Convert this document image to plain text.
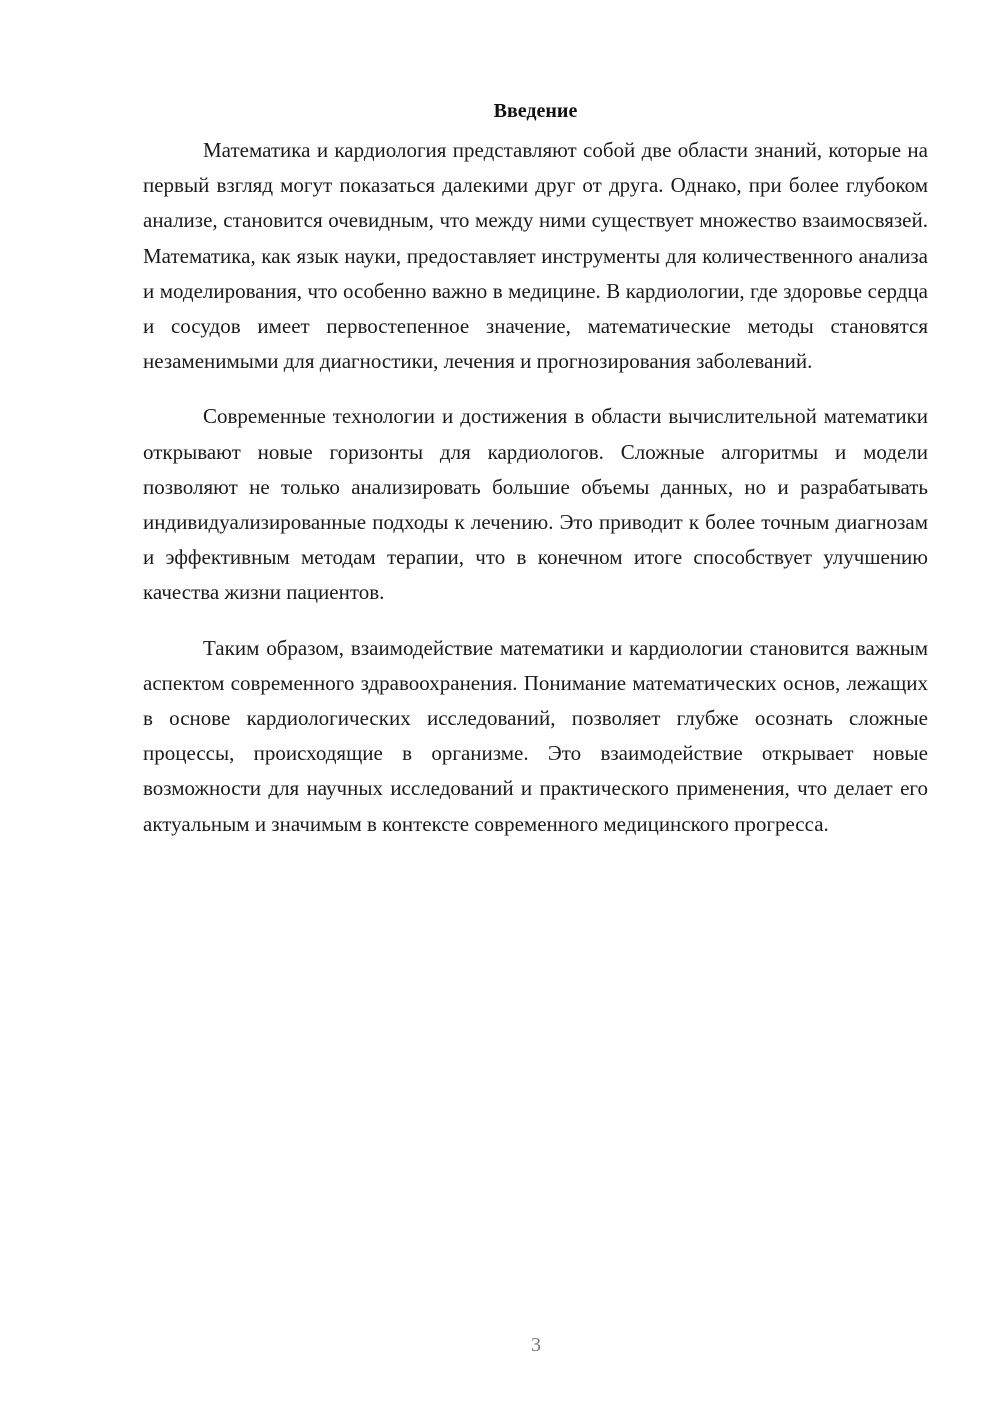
Введение

Математика и кардиология представляют собой две области знаний, которые на первый взгляд могут показаться далекими друг от друга. Однако, при более глубоком анализе, становится очевидным, что между ними существует множество взаимосвязей. Математика, как язык науки, предоставляет инструменты для количественного анализа и моделирования, что особенно важно в медицине. В кардиологии, где здоровье сердца и сосудов имеет первостепенное значение, математические методы становятся незаменимыми для диагностики, лечения и прогнозирования заболеваний.

Современные технологии и достижения в области вычислительной математики открывают новые горизонты для кардиологов. Сложные алгоритмы и модели позволяют не только анализировать большие объемы данных, но и разрабатывать индивидуализированные подходы к лечению. Это приводит к более точным диагнозам и эффективным методам терапии, что в конечном итоге способствует улучшению качества жизни пациентов.

Таким образом, взаимодействие математики и кардиологии становится важным аспектом современного здравоохранения. Понимание математических основ, лежащих в основе кардиологических исследований, позволяет глубже осознать сложные процессы, происходящие в организме. Это взаимодействие открывает новые возможности для научных исследований и практического применения, что делает его актуальным и значимым в контексте современного медицинского прогресса.

3
